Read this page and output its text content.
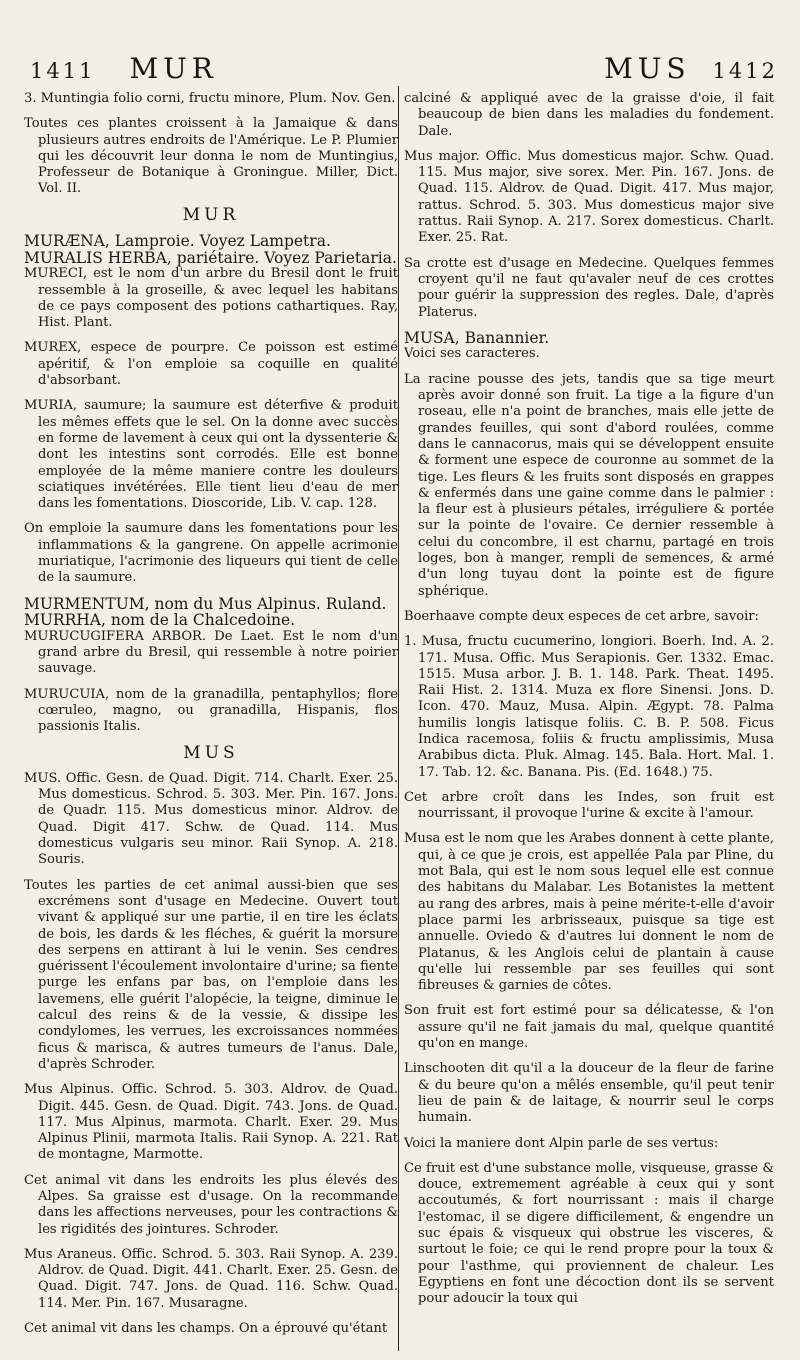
1411 MUR	MUS 1412

3. Muntingia folio corni, fructu minore, Plum. Nov. Gen.

Toutes ces plantes croissent à la Jamaique & dans plusieurs autres endroits de l'Amérique. Le P. Plumier qui les découvrit leur donna le nom de Muntingius, Professeur de Botanique à Groningue. Miller, Dict. Vol. II.

MUR

MURÆNA, Lamproie. Voyez Lampetra.

MURALIS HERBA, pariétaire. Voyez Parietaria.

MURECI, est le nom d'un arbre du Bresil dont le fruit ressemble à la groseille, & avec lequel les habitans de ce pays composent des potions cathartiques. Ray, Hist. Plant.

MUREX, espece de pourpre. Ce poisson est estimé apéritif, & l'on emploie sa coquille en qualité d'absorbant.

MURIA, saumure; la saumure est déterfive & produit les mêmes effets que le sel. On la donne avec succès en forme de lavement à ceux qui ont la dyssenterie & dont les intestins sont corrodés. Elle est bonne employée de la même maniere contre les douleurs sciatiques invétérées. Elle tient lieu d'eau de mer dans les fomentations. Dioscoride, Lib. V. cap. 128.

On emploie la saumure dans les fomentations pour les inflammations & la gangrene. On appelle acrimonie muriatique, l'acrimonie des liqueurs qui tient de celle de la saumure.

MURMENTUM, nom du Mus Alpinus. Ruland.

MURRHA, nom de la Chalcedoine.

MURUCUGIFERA ARBOR. De Laet. Est le nom d'un grand arbre du Bresil, qui ressemble à notre poirier sauvage.

MURUCUIA, nom de la granadilla, pentaphyllos; flore cœruleo, magno, ou granadilla, Hispanis, flos passionis Italis.

MUS

MUS. Offic. Gesn. de Quad. Digit. 714. Charlt. Exer. 25. Mus domesticus. Schrod. 5. 303. Mer. Pin. 167. Jons. de Quadr. 115. Mus domesticus minor. Aldrov. de Quad. Digit 417. Schw. de Quad. 114. Mus domesticus vulgaris seu minor. Raii Synop. A. 218. Souris.

Toutes les parties de cet animal aussi-bien que ses excrémens sont d'usage en Medecine. Ouvert tout vivant & appliqué sur une partie, il en tire les éclats de bois, les dards & les fléches, & guérit la morsure des serpens en attirant à lui le venin. Ses cendres guérissent l'écoulement involontaire d'urine; sa fiente purge les enfans par bas, on l'emploie dans les lavemens, elle guérit l'alopécie, la teigne, diminue le calcul des reins & de la vessie, & dissipe les condylomes, les verrues, les excroissances nommées ficus & marisca, & autres tumeurs de l'anus. Dale, d'après Schroder.

Mus Alpinus. Offic. Schrod. 5. 303. Aldrov. de Quad. Digit. 445. Gesn. de Quad. Digit. 743. Jons. de Quad. 117. Mus Alpinus, marmota. Charlt. Exer. 29. Mus Alpinus Plinii, marmota Italis. Raii Synop. A. 221. Rat de montagne, Marmotte.

Cet animal vit dans les endroits les plus élevés des Alpes. Sa graisse est d'usage. On la recommande dans les affections nerveuses, pour les contractions & les rigidités des jointures. Schroder.

Mus Araneus. Offic. Schrod. 5. 303. Raii Synop. A. 239. Aldrov. de Quad. Digit. 441. Charlt. Exer. 25. Gesn. de Quad. Digit. 747. Jons. de Quad. 116. Schw. Quad. 114. Mer. Pin. 167. Musaragne.

Cet animal vit dans les champs. On a éprouvé qu'étant

calciné & appliqué avec de la graisse d'oie, il fait beaucoup de bien dans les maladies du fondement. Dale.

Mus major. Offic. Mus domesticus major. Schw. Quad. 115. Mus major, sive sorex. Mer. Pin. 167. Jons. de Quad. 115. Aldrov. de Quad. Digit. 417. Mus major, rattus. Schrod. 5. 303. Mus domesticus major sive rattus. Raii Synop. A. 217. Sorex domesticus. Charlt. Exer. 25. Rat.

Sa crotte est d'usage en Medecine. Quelques femmes croyent qu'il ne faut qu'avaler neuf de ces crottes pour guérir la suppression des regles. Dale, d'après Platerus.

MUSA, Banannier.

Voici ses caracteres.

La racine pousse des jets, tandis que sa tige meurt après avoir donné son fruit. La tige a la figure d'un roseau, elle n'a point de branches, mais elle jette de grandes feuilles, qui sont d'abord roulées, comme dans le cannacorus, mais qui se développent ensuite & forment une espece de couronne au sommet de la tige. Les fleurs & les fruits sont disposés en grappes & enfermés dans une gaine comme dans le palmier : la fleur est à plusieurs pétales, irréguliere & portée sur la pointe de l'ovaire. Ce dernier ressemble à celui du concombre, il est charnu, partagé en trois loges, bon à manger, rempli de semences, & armé d'un long tuyau dont la pointe est de figure sphérique.

Boerhaave compte deux especes de cet arbre, savoir:

1. Musa, fructu cucumerino, longiori. Boerh. Ind. A. 2. 171. Musa. Offic. Mus Serapionis. Ger. 1332. Emac. 1515. Musa arbor. J. B. 1. 148. Park. Theat. 1495. Raii Hist. 2. 1314. Muza ex flore Sinensi. Jons. D. Icon. 470. Mauz, Musa. Alpin. Ægypt. 78. Palma humilis longis latisque foliis. C. B. P. 508. Ficus Indica racemosa, foliis & fructu amplissimis, Musa Arabibus dicta. Pluk. Almag. 145. Bala. Hort. Mal. 1. 17. Tab. 12. &c. Banana. Pis. (Ed. 1648.) 75.

Cet arbre croît dans les Indes, son fruit est nourrissant, il provoque l'urine & excite à l'amour.

Musa est le nom que les Arabes donnent à cette plante, qui, à ce que je crois, est appellée Pala par Pline, du mot Bala, qui est le nom sous lequel elle est connue des habitans du Malabar. Les Botanistes la mettent au rang des arbres, mais à peine mérite-t-elle d'avoir place parmi les arbrisseaux, puisque sa tige est annuelle. Oviedo & d'autres lui donnent le nom de Platanus, & les Anglois celui de plantain à cause qu'elle lui ressemble par ses feuilles qui sont fibreuses & garnies de côtes.

Son fruit est fort estimé pour sa délicatesse, & l'on assure qu'il ne fait jamais du mal, quelque quantité qu'on en mange.

Linschooten dit qu'il a la douceur de la fleur de farine & du beure qu'on a mêlés ensemble, qu'il peut tenir lieu de pain & de laitage, & nourrir seul le corps humain.

Voici la maniere dont Alpin parle de ses vertus:

Ce fruit est d'une substance molle, visqueuse, grasse & douce, extremement agréable à ceux qui y sont accoutumés, & fort nourrissant : mais il charge l'estomac, il se digere difficilement, & engendre un suc épais & visqueux qui obstrue les visceres, & surtout le foie; ce qui le rend propre pour la toux & pour l'asthme, qui proviennent de chaleur. Les Egyptiens en font une décoction dont ils se servent pour adoucir la toux qui
